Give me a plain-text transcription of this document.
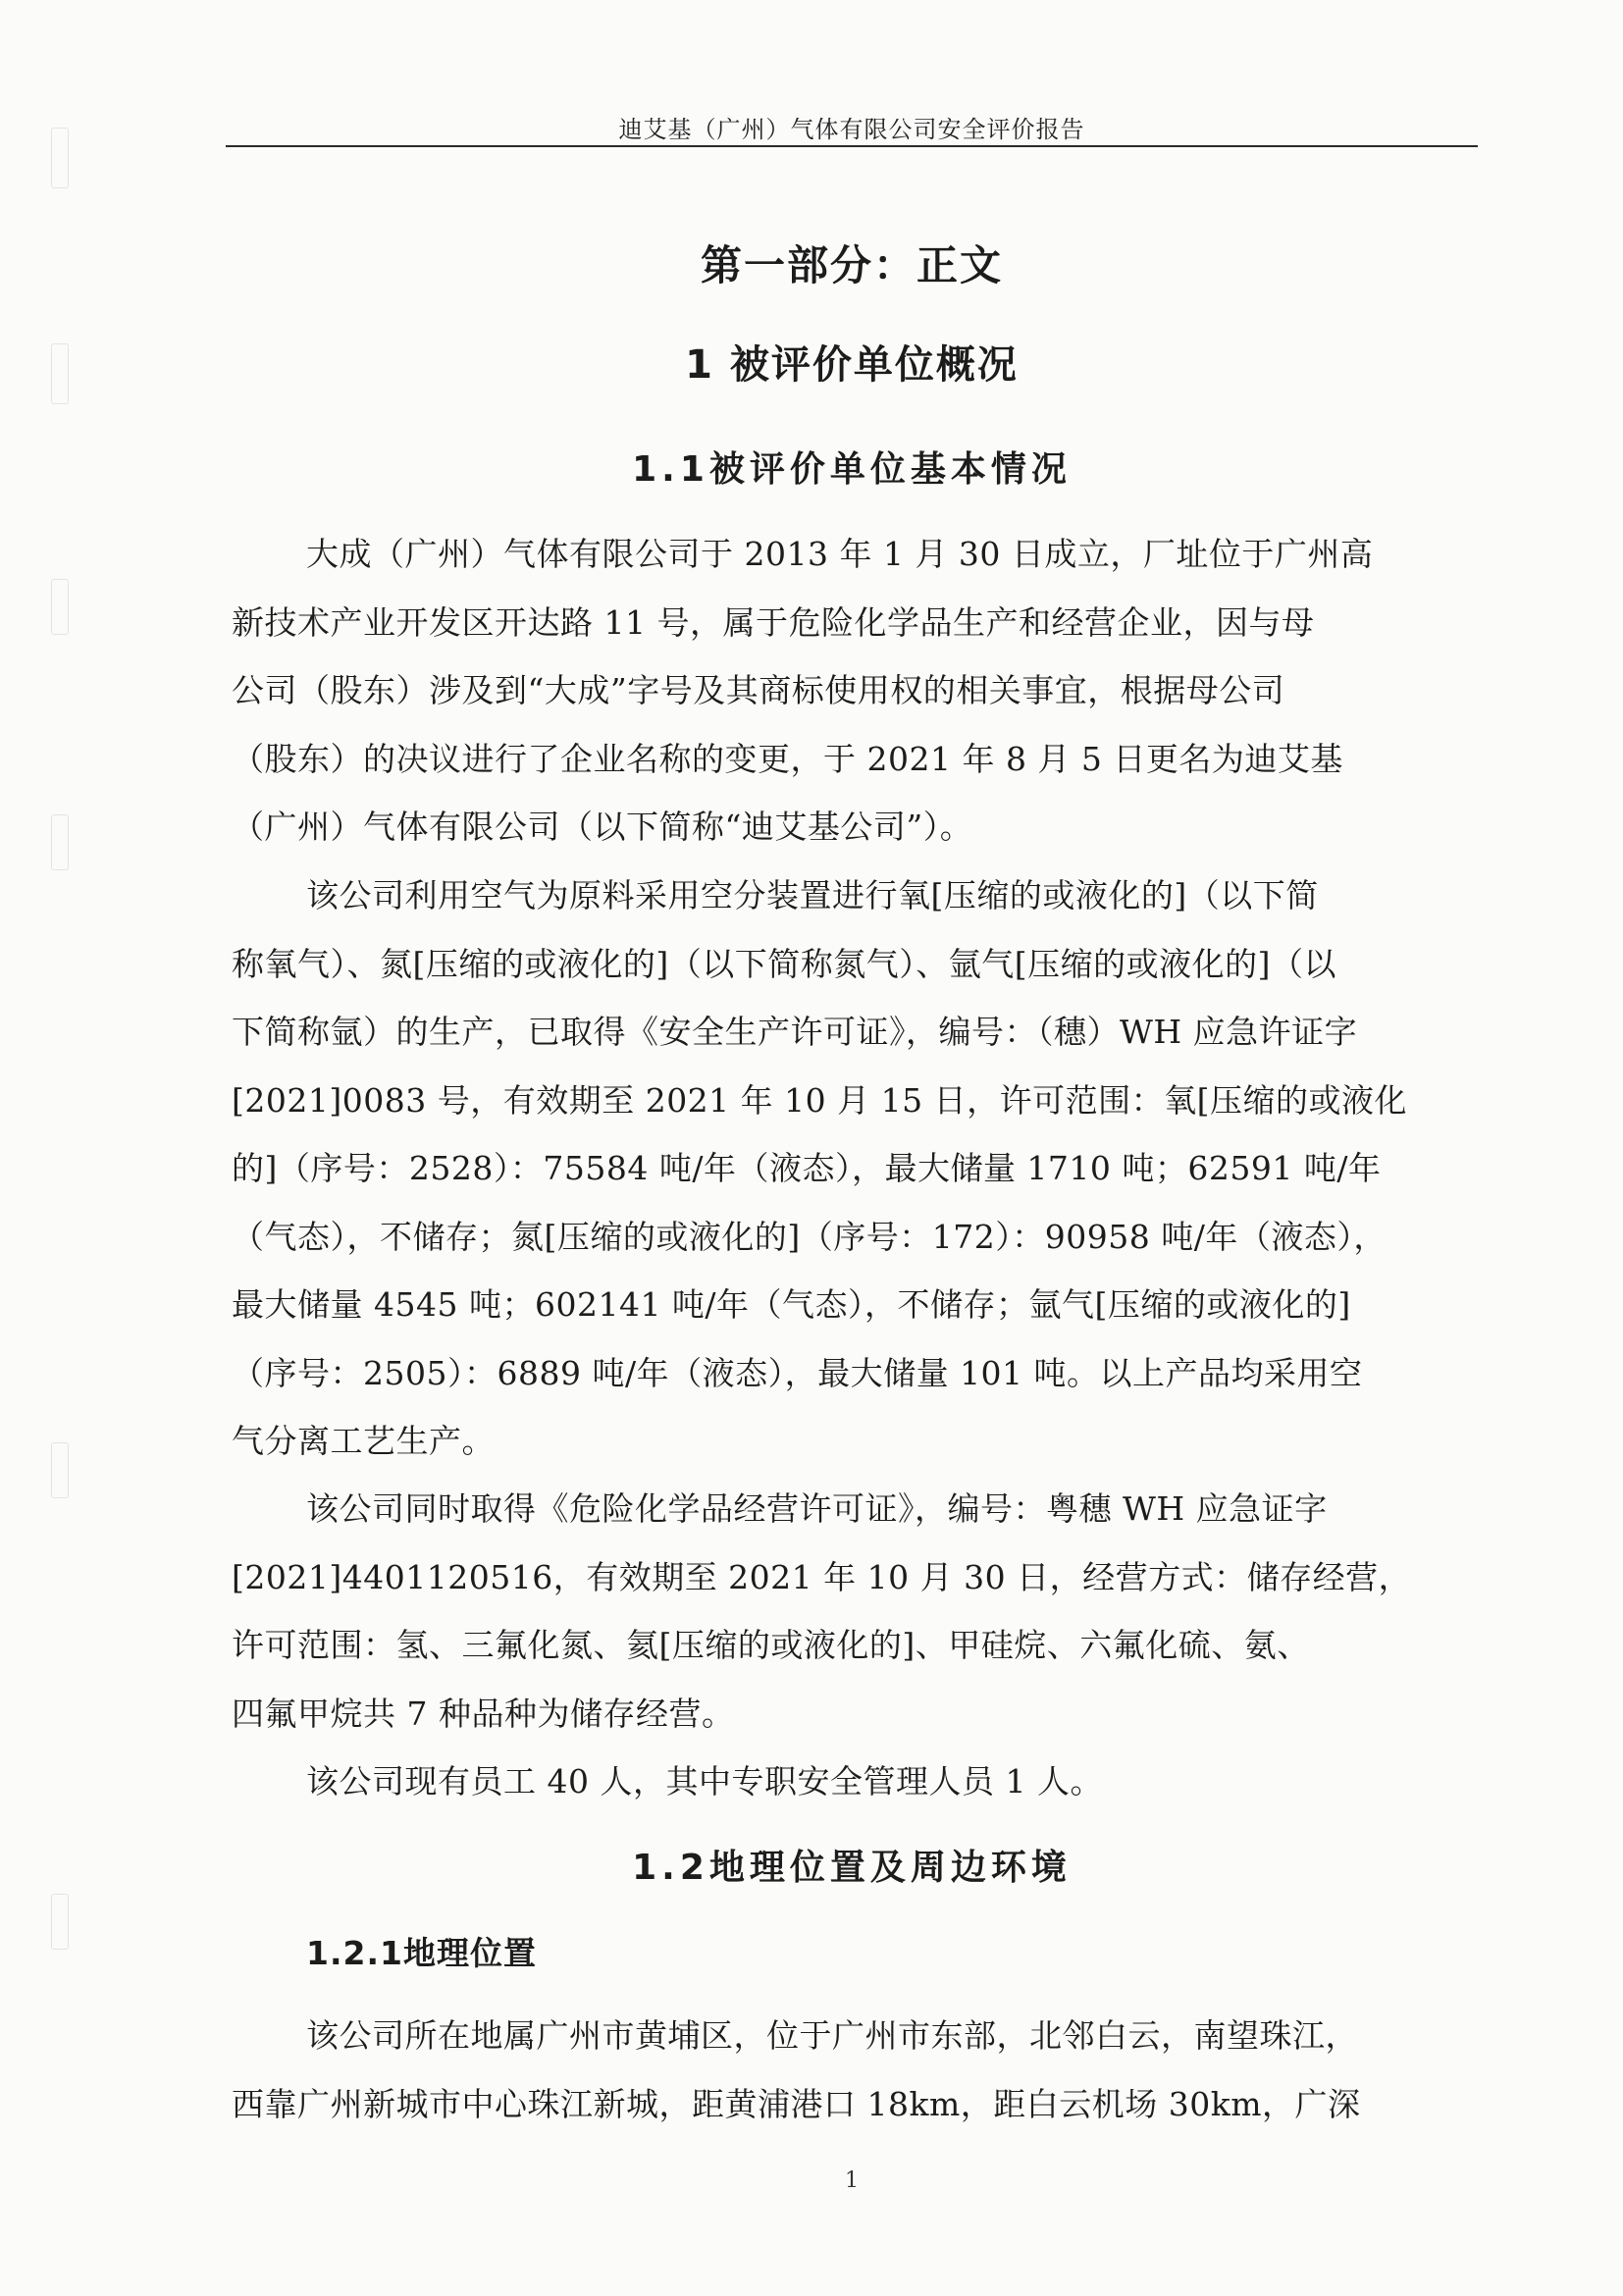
迪艾基（广州）气体有限公司安全评价报告
第一部分：正文
1 被评价单位概况
1.1被评价单位基本情况
大成（广州）气体有限公司于 2013 年 1 月 30 日成立，厂址位于广州高
新技术产业开发区开达路 11 号，属于危险化学品生产和经营企业，因与母
公司（股东）涉及到“大成”字号及其商标使用权的相关事宜，根据母公司
（股东）的决议进行了企业名称的变更，于 2021 年 8 月 5 日更名为迪艾基
（广州）气体有限公司（以下简称“迪艾基公司”）。
该公司利用空气为原料采用空分装置进行氧[压缩的或液化的]（以下简
称氧气）、氮[压缩的或液化的]（以下简称氮气）、氩气[压缩的或液化的]（以
下简称氩）的生产，已取得《安全生产许可证》，编号：（穗）WH 应急许证字
[2021]0083 号，有效期至 2021 年 10 月 15 日，许可范围：氧[压缩的或液化
的]（序号：2528）：75584 吨/年（液态），最大储量 1710 吨；62591 吨/年
（气态），不储存；氮[压缩的或液化的]（序号：172）：90958 吨/年（液态），
最大储量 4545 吨；602141 吨/年（气态），不储存；氩气[压缩的或液化的]
（序号：2505）：6889 吨/年（液态），最大储量 101 吨。以上产品均采用空
气分离工艺生产。
该公司同时取得《危险化学品经营许可证》，编号：粤穗 WH 应急证字
[2021]4401120516，有效期至 2021 年 10 月 30 日，经营方式：储存经营，
许可范围：氢、三氟化氮、氦[压缩的或液化的]、甲硅烷、六氟化硫、氨、
四氟甲烷共 7 种品种为储存经营。
该公司现有员工 40 人，其中专职安全管理人员 1 人。
1.2地理位置及周边环境
1.2.1地理位置
该公司所在地属广州市黄埔区，位于广州市东部，北邻白云，南望珠江，
西靠广州新城市中心珠江新城，距黄浦港口 18km，距白云机场 30km，广深
1
